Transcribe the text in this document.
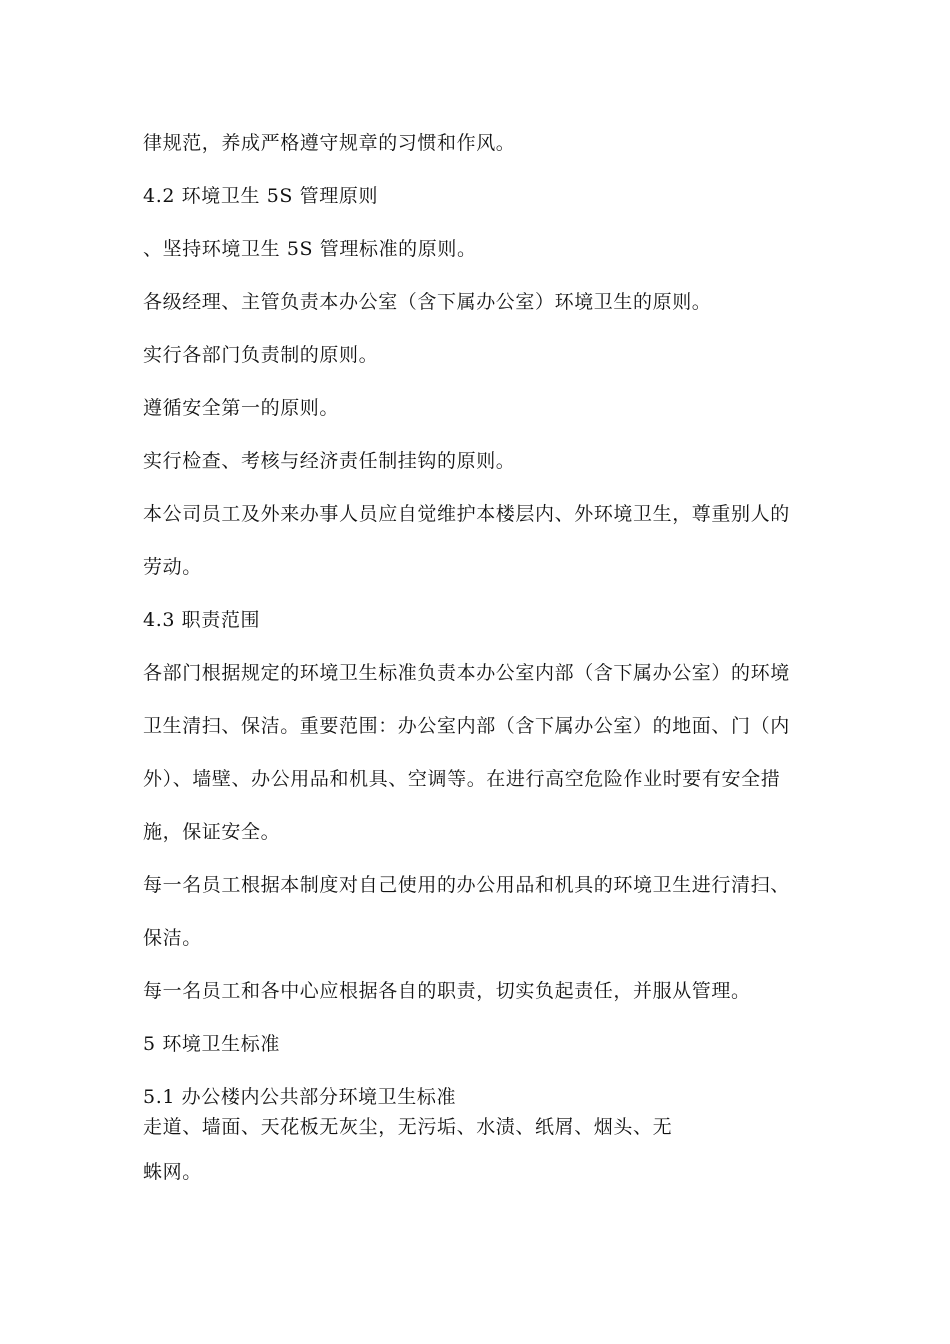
律规范，养成严格遵守规章的习惯和作风。
4.2 环境卫生 5S 管理原则
、坚持环境卫生 5S 管理标准的原则。
各级经理、主管负责本办公室（含下属办公室）环境卫生的原则。
实行各部门负责制的原则。
遵循安全第一的原则。
实行检查、考核与经济责任制挂钩的原则。
本公司员工及外来办事人员应自觉维护本楼层内、外环境卫生，尊重别人的
劳动。
4.3 职责范围
各部门根据规定的环境卫生标准负责本办公室内部（含下属办公室）的环境
卫生清扫、保洁。重要范围：办公室内部（含下属办公室）的地面、门（内
外）、墙壁、办公用品和机具、空调等。在进行高空危险作业时要有安全措
施，保证安全。
每一名员工根据本制度对自己使用的办公用品和机具的环境卫生进行清扫、
保洁。
每一名员工和各中心应根据各自的职责，切实负起责任，并服从管理。
5 环境卫生标准
5.1 办公楼内公共部分环境卫生标准
走道、墙面、天花板无灰尘，无污垢、水渍、纸屑、烟头、无
蛛网。
